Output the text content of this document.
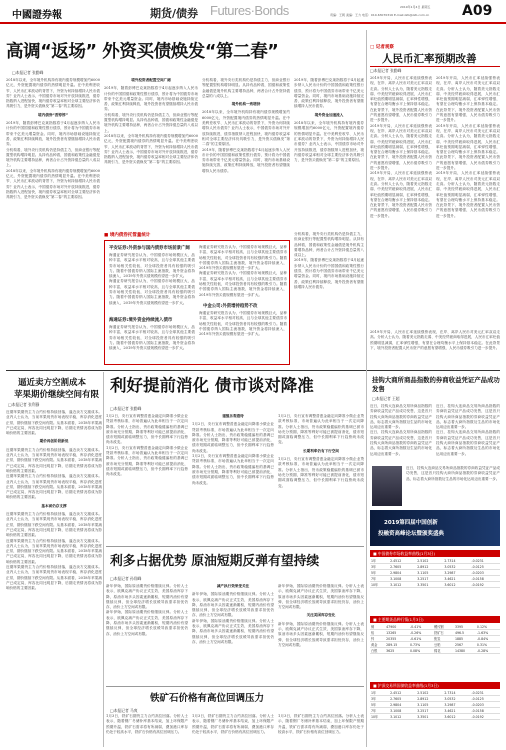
中國證券報	期货/债券 Futures·Bonds	责编：王朝 美编：王力 电话：010-63070316 E-mail:zzb@zzb.com.cn
2019年1月4日 星期五 A09
高调“返场” 外资买债焕发“第二春”
□本报记者 张勤峰
□ 记者观察
人民币汇率预期改善
□本报记者 张勤峰

2018年以来，全年境外机构持有境内债券规模增加约6000亿元，外资配置境内债券的热情明显升温。在中美利差收窄、人民币汇率波动的背景下，外资为何持续增持人民币债券？业内人士表示，中国债券市场对外开放持续推进，债券指数纳入进程加快，境内债券收益率相对全球主要经济体仍具吸引力，是外资买债焕发“第二春”的主要原因。

境内债券“香饽饽”

2019年，随着彭博巴克莱指数将于4月起逐步纳入人民币计价的中国国债和政策性银行债券，预计将为中国债券市场带来千亿美元增量资金。同时，境内市场基础设施持续完善，政策红利持续释放，境外投资者有望继续增持人民币债券。

分机构看，境外央行类机构仍是持债主力，但商业银行等配置型机构增持明显。从持有品种看，国债和政策性金融债是境外机构主要增持品种，两者合计占外资持债总量的八成以上。

2018年以来，全年境外机构持有境内债券规模增加约6000亿元，外资配置境内债券的热情明显升温。在中美利差收窄、人民币汇率波动的背景下，外资为何持续增持人民币债券？业内人士表示，中国债券市场对外开放持续推进，债券指数纳入进程加快，境内债券收益率相对全球主要经济体仍具吸引力，是外资买债焕发“第二春”的主要原因。

境外投资者配置空间广阔

2019年，随着彭博巴克莱指数将于4月起逐步纳入人民币计价的中国国债和政策性银行债券，预计将为中国债券市场带来千亿美元增量资金。同时，境内市场基础设施持续完善，政策红利持续释放，境外投资者有望继续增持人民币债券。

分机构看，境外央行类机构仍是持债主力，但商业银行等配置型机构增持明显。从持有品种看，国债和政策性金融债是境外机构主要增持品种，两者合计占外资持债总量的八成以上。

2018年以来，全年境外机构持有境内债券规模增加约6000亿元，外资配置境内债券的热情明显升温。在中美利差收窄、人民币汇率波动的背景下，外资为何持续增持人民币债券？业内人士表示，中国债券市场对外开放持续推进，债券指数纳入进程加快，境内债券收益率相对全球主要经济体仍具吸引力，是外资买债焕发“第二春”的主要原因。

分机构看，境外央行类机构仍是持债主力，但商业银行等配置型机构增持明显。从持有品种看，国债和政策性金融债是境外机构主要增持品种，两者合计占外资持债总量的八成以上。

境外机构一致增持

2018年以来，全年境外机构持有境内债券规模增加约6000亿元，外资配置境内债券的热情明显升温。在中美利差收窄、人民币汇率波动的背景下，外资为何持续增持人民币债券？业内人士表示，中国债券市场对外开放持续推进，债券指数纳入进程加快，境内债券收益率相对全球主要经济体仍具吸引力，是外资买债焕发“第二春”的主要原因。

2019年，随着彭博巴克莱指数将于4月起逐步纳入人民币计价的中国国债和政策性银行债券，预计将为中国债券市场带来千亿美元增量资金。同时，境内市场基础设施持续完善，政策红利持续释放，境外投资者有望继续增持人民币债券。

2019年，随着彭博巴克莱指数将于4月起逐步纳入人民币计价的中国国债和政策性银行债券，预计将为中国债券市场带来千亿美元增量资金。同时，境内市场基础设施持续完善，政策红利持续释放，境外投资者有望继续增持人民币债券。

境外资金加速流入

2018年以来，全年境外机构持有境内债券规模增加约6000亿元，外资配置境内债券的热情明显升温。在中美利差收窄、人民币汇率波动的背景下，外资为何持续增持人民币债券？业内人士表示，中国债券市场对外开放持续推进，债券指数纳入进程加快，境内债券收益率相对全球主要经济体仍具吸引力，是外资买债焕发“第二春”的主要原因。

2019年开局，人民币汇率延续强势表现，在岸、离岸人民币对美元汇率双双走高。分析人士认为，随着美元指数走弱、中美经贸磋商取得进展，人民币汇率贬值预期明显减弱，汇率弹性增强，有望在合理均衡水平上保持基本稳定。在此背景下，境外投资者配置人民币资产的意愿有望增强，人民币债券吸引力进一步提升。

2019年开局，人民币汇率延续强势表现，在岸、离岸人民币对美元汇率双双走高。分析人士认为，随着美元指数走弱、中美经贸磋商取得进展，人民币汇率贬值预期明显减弱，汇率弹性增强，有望在合理均衡水平上保持基本稳定。在此背景下，境外投资者配置人民币资产的意愿有望增强，人民币债券吸引力进一步提升。

2019年开局，人民币汇率延续强势表现，在岸、离岸人民币对美元汇率双双走高。分析人士认为，随着美元指数走弱、中美经贸磋商取得进展，人民币汇率贬值预期明显减弱，汇率弹性增强，有望在合理均衡水平上保持基本稳定。在此背景下，境外投资者配置人民币资产的意愿有望增强，人民币债券吸引力进一步提升。

2019年开局，人民币汇率延续强势表现，在岸、离岸人民币对美元汇率双双走高。分析人士认为，随着美元指数走弱、中美经贸磋商取得进展，人民币汇率贬值预期明显减弱，汇率弹性增强，有望在合理均衡水平上保持基本稳定。在此背景下，境外投资者配置人民币资产的意愿有望增强，人民币债券吸引力进一步提升。

2019年开局，人民币汇率延续强势表现，在岸、离岸人民币对美元汇率双双走高。分析人士认为，随着美元指数走弱、中美经贸磋商取得进展，人民币汇率贬值预期明显减弱，汇率弹性增强，有望在合理均衡水平上保持基本稳定。在此背景下，境外投资者配置人民币资产的意愿有望增强，人民币债券吸引力进一步提升。

2019年开局，人民币汇率延续强势表现，在岸、离岸人民币对美元汇率双双走高。分析人士认为，随着美元指数走弱、中美经贸磋商取得进展，人民币汇率贬值预期明显减弱，汇率弹性增强，有望在合理均衡水平上保持基本稳定。在此背景下，境外投资者配置人民币资产的意愿有望增强，人民币债券吸引力进一步提升。

■ 境内债券托管量统计
平安证券:外资参与国内债券市场前景广阔

海通证券研究报告认为，中国债券市场规模巨大，品种丰富，收益率水平相对较高，且与全球其他主要债券市场相关性较低，对全球投资者具有较强的吸引力。随着中国债券纳入国际主流指数，境外资金将持续流入，2019年外资买债规模有望进一步扩大。

海通证券研究报告认为，中国债券市场规模巨大，品种丰富，收益率水平相对较高，且与全球其他主要债券市场相关性较低，对全球投资者具有较强的吸引力。随着中国债券纳入国际主流指数，境外资金将持续流入，2019年外资买债规模有望进一步扩大。

海通证券:境外资金持续流入债市

海通证券研究报告认为，中国债券市场规模巨大，品种丰富，收益率水平相对较高，且与全球其他主要债券市场相关性较低，对全球投资者具有较强的吸引力。随着中国债券纳入国际主流指数，境外资金将持续流入，2019年外资买债规模有望进一步扩大。

海通证券研究报告认为，中国债券市场规模巨大，品种丰富，收益率水平相对较高，且与全球其他主要债券市场相关性较低，对全球投资者具有较强的吸引力。随着中国债券纳入国际主流指数，境外资金将持续流入，2019年外资买债规模有望进一步扩大。

海通证券研究报告认为，中国债券市场规模巨大，品种丰富，收益率水平相对较高，且与全球其他主要债券市场相关性较低，对全球投资者具有较强的吸引力。随着中国债券纳入国际主流指数，境外资金将持续流入，2019年外资买债规模有望进一步扩大。

中金公司:外资增持趋势不改

海通证券研究报告认为，中国债券市场规模巨大，品种丰富，收益率水平相对较高，且与全球其他主要债券市场相关性较低，对全球投资者具有较强的吸引力。随着中国债券纳入国际主流指数，境外资金将持续流入，2019年外资买债规模有望进一步扩大。

分机构看，境外央行类机构仍是持债主力，但商业银行等配置型机构增持明显。从持有品种看，国债和政策性金融债是境外机构主要增持品种，两者合计占外资持债总量的八成以上。

2019年，随着彭博巴克莱指数将于4月起逐步纳入人民币计价的中国国债和政策性银行债券，预计将为中国债券市场带来千亿美元增量资金。同时，境内市场基础设施持续完善，政策红利持续释放，境外投资者有望继续增持人民币债券。

2019年开局，人民币汇率延续强势表现，在岸、离岸人民币对美元汇率双双走高。分析人士认为，随着美元指数走弱、中美经贸磋商取得进展，人民币汇率贬值预期明显减弱，汇率弹性增强，有望在合理均衡水平上保持基本稳定。在此背景下，境外投资者配置人民币资产的意愿有望增强，人民币债券吸引力进一步提升。

逼近卖方空割成本
苹果期价继续空间有限
□本报记者 张利静

近期苹果期货主力合约价格持续回落，逼近卖方交割成本。业内人士认为，当前苹果现货市场表现平稳，库存消化进度正常，期价继续下跌空间有限。从基本面看，2018年苹果减产已成定局，库容比同比明显下降，后期走货情况将成为影响价格的主要因素。

期价再创阶段新低

近期苹果期货主力合约价格持续回落，逼近卖方交割成本。业内人士认为，当前苹果现货市场表现平稳，库存消化进度正常，期价继续下跌空间有限。从基本面看，2018年苹果减产已成定局，库容比同比明显下降，后期走货情况将成为影响价格的主要因素。

近期苹果期货主力合约价格持续回落，逼近卖方交割成本。业内人士认为，当前苹果现货市场表现平稳，库存消化进度正常，期价继续下跌空间有限。从基本面看，2018年苹果减产已成定局，库容比同比明显下降，后期走货情况将成为影响价格的主要因素。

基本面仍存支撑

近期苹果期货主力合约价格持续回落，逼近卖方交割成本。业内人士认为，当前苹果现货市场表现平稳，库存消化进度正常，期价继续下跌空间有限。从基本面看，2018年苹果减产已成定局，库容比同比明显下降，后期走货情况将成为影响价格的主要因素。

近期苹果期货主力合约价格持续回落，逼近卖方交割成本。业内人士认为，当前苹果现货市场表现平稳，库存消化进度正常，期价继续下跌空间有限。从基本面看，2018年苹果减产已成定局，库容比同比明显下降，后期走货情况将成为影响价格的主要因素。

近期苹果期货主力合约价格持续回落，逼近卖方交割成本。业内人士认为，当前苹果现货市场表现平稳，库存消化进度正常，期价继续下跌空间有限。从基本面看，2018年苹果减产已成定局，库容比同比明显下降，后期走货情况将成为影响价格的主要因素。

利好提前消化 债市谈对降准
□本报记者 张勤峰

1月2日，央行宣布调整普惠金融定向降准小微企业贷款考核标准，市场普遍认为此举相当于一次定向降准。分析人士指出，货币政策稳健偏松的基调已被市场充分预期，降准等利好可能已被提前消化，债市短期或面临调整压力，但中长期利率下行趋势尚未改变。

1月2日，央行宣布调整普惠金融定向降准小微企业贷款考核标准，市场普遍认为此举相当于一次定向降准。分析人士指出，货币政策稳健偏松的基调已被市场充分预期，降准等利好可能已被提前消化，债市短期或面临调整压力，但中长期利率下行趋势尚未改变。

谨慎乐观看待

1月2日，央行宣布调整普惠金融定向降准小微企业贷款考核标准，市场普遍认为此举相当于一次定向降准。分析人士指出，货币政策稳健偏松的基调已被市场充分预期，降准等利好可能已被提前消化，债市短期或面临调整压力，但中长期利率下行趋势尚未改变。

1月2日，央行宣布调整普惠金融定向降准小微企业贷款考核标准，市场普遍认为此举相当于一次定向降准。分析人士指出，货币政策稳健偏松的基调已被市场充分预期，降准等利好可能已被提前消化，债市短期或面临调整压力，但中长期利率下行趋势尚未改变。

1月2日，央行宣布调整普惠金融定向降准小微企业贷款考核标准，市场普遍认为此举相当于一次定向降准。分析人士指出，货币政策稳健偏松的基调已被市场充分预期，降准等利好可能已被提前消化，债市短期或面临调整压力，但中长期利率下行趋势尚未改变。

长期利率仍有下行空间

1月2日，央行宣布调整普惠金融定向降准小微企业贷款考核标准，市场普遍认为此举相当于一次定向降准。分析人士指出，货币政策稳健偏松的基调已被市场充分预期，降准等利好可能已被提前消化，债市短期或面临调整压力，但中长期利率下行趋势尚未改变。

挂钩大商所商品指数的券商收益凭证产品成功发售
□本报记者 王超

近日，挂钩大连商品交易所商品指数的券商收益凭证产品成功发售，这是首只挂钩大商所商品指数的券商收益凭证产品，标志着大商所指数衍生品的市场化运用迈出重要一步。

近日，挂钩大连商品交易所商品指数的券商收益凭证产品成功发售，这是首只挂钩大商所商品指数的券商收益凭证产品，标志着大商所指数衍生品的市场化运用迈出重要一步。

近日，挂钩大连商品交易所商品指数的券商收益凭证产品成功发售，这是首只挂钩大商所商品指数的券商收益凭证产品，标志着大商所指数衍生品的市场化运用迈出重要一步。

近日，挂钩大连商品交易所商品指数的券商收益凭证产品成功发售，这是首只挂钩大商所商品指数的券商收益凭证产品，标志着大商所指数衍生品的市场化运用迈出重要一步。

近日，挂钩大连商品交易所商品指数的券商收益凭证产品成功发售，这是首只挂钩大商所商品指数的券商收益凭证产品，标志着大商所指数衍生品的市场化运用迈出重要一步。

2019第四届中国创新
投融资高峰论坛暨颁奖盛典
利多占据优势 原油短期反弹有望持续
□本报记者 孙翔峰

新年伊始，国际原油期货价格继续反弹。分析人士表示，欧佩克减产协议正式生效，美国原油库存下降，原油市场多头因素逐渐累积，短期内油价有望继续反弹，但全球经济增长放缓导致需求担忧仍存，油价上方空间或有限。

新年伊始，国际原油期货价格继续反弹。分析人士表示，欧佩克减产协议正式生效，美国原油库存下降，原油市场多头因素逐渐累积，短期内油价有望继续反弹，但全球经济增长放缓导致需求担忧仍存，油价上方空间或有限。

减产执行效果受关注

新年伊始，国际原油期货价格继续反弹。分析人士表示，欧佩克减产协议正式生效，美国原油库存下降，原油市场多头因素逐渐累积，短期内油价有望继续反弹，但全球经济增长放缓导致需求担忧仍存，油价上方空间或有限。

新年伊始，国际原油期货价格继续反弹。分析人士表示，欧佩克减产协议正式生效，美国原油库存下降，原油市场多头因素逐渐累积，短期内油价有望继续反弹，但全球经济增长放缓导致需求担忧仍存，油价上方空间或有限。

新年伊始，国际原油期货价格继续反弹。分析人士表示，欧佩克减产协议正式生效，美国原油库存下降，原油市场多头因素逐渐累积，短期内油价有望继续反弹，但全球经济增长放缓导致需求担忧仍存，油价上方空间或有限。

关注美国库存变化

新年伊始，国际原油期货价格继续反弹。分析人士表示，欧佩克减产协议正式生效，美国原油库存下降，原油市场多头因素逐渐累积，短期内油价有望继续反弹，但全球经济增长放缓导致需求担忧仍存，油价上方空间或有限。

铁矿石价格有高位回调压力
□本报记者 马爽

1月3日，铁矿石期货主力合约高位回落。分析人士表示，随着钢厂冬储补库基本结束，加上环保限产预期升温，铁矿石需求将有所减弱，叠加港口库存仍处于较高水平，铁矿石价格有高位回调压力。

1月3日，铁矿石期货主力合约高位回落。分析人士表示，随着钢厂冬储补库基本结束，加上环保限产预期升温，铁矿石需求将有所减弱，叠加港口库存仍处于较高水平，铁矿石价格有高位回调压力。

1月3日，铁矿石期货主力合约高位回落。分析人士表示，随着钢厂冬储补库基本结束，加上环保限产预期升温，铁矿石需求将有所减弱，叠加港口库存仍处于较高水平，铁矿石价格有高位回调压力。

■ 中国债券市场收益率曲线(1月3日)
1年	2.4512	2.5102	2.7314	-0.0231
3年	2.7605	2.8912	3.0532	-0.0125
5年	2.9804	3.1105	3.2987	-0.0203
7年	3.1008	3.2517	3.4621	-0.0158
10年	3.1012	3.3501	3.6012	-0.0192
■ 主要期货品种行情(1月3日)
铜	47900	-0.41%	螺纹钢	3395	0.12%
铝	13265	-0.26%	铁矿石	496.5	-1.63%
锌	20355	-0.61%	焦炭	1885	-0.84%
黄金	289.15	0.73%	豆粕	2567	0.31%
白银	3625	0.08%	棉花	14380	-0.28%
■ 沪深交易所国债收益率曲线(1月3日)
1年	2.4512	2.5102	2.7314	-0.0231
3年	2.7605	2.8912	3.0532	-0.0125
5年	2.9804	3.1105	3.2987	-0.0203
7年	3.1008	3.2517	3.4621	-0.0158
10年	3.1012	3.3501	3.6012	-0.0192
